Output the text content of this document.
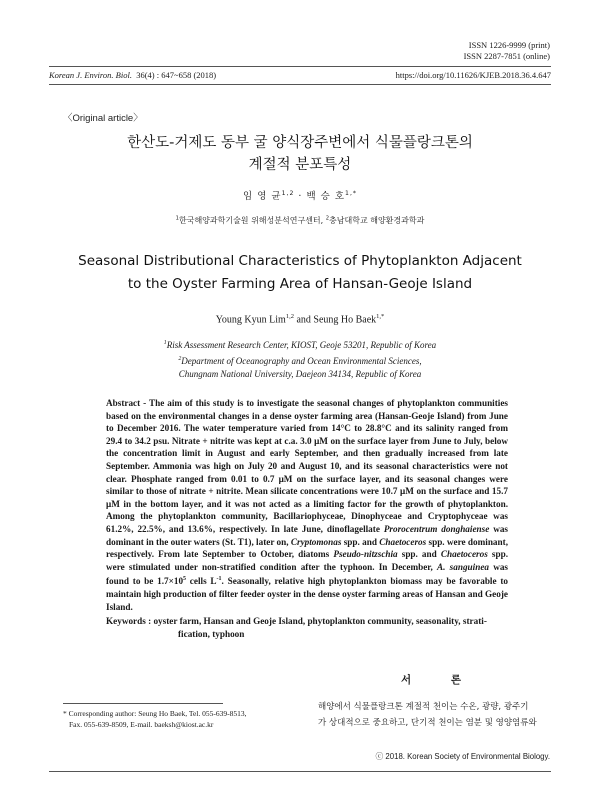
ISSN 1226-9999 (print)
ISSN 2287-7851 (online)
Korean J. Environ. Biol. 36(4) : 647~658 (2018)	https://doi.org/10.11626/KJEB.2018.36.4.647
〈Original article〉
한산도-거제도 동부 굴 양식장주변에서 식물플랑크톤의
계절적 분포특성
임 영 균$^{1,2}$ · 백 승 호$^{1,*}$
$^1$한국해양과학기술원 위해성분석연구센터, $^2$충남대학교 해양환경과학과
Seasonal Distributional Characteristics of Phytoplankton Adjacent
to the Oyster Farming Area of Hansan-Geoje Island
Young Kyun Lim$^{1,2}$ and Seung Ho Baek$^{1,*}$
$^1$Risk Assessment Research Center, KIOST, Geoje 53201, Republic of Korea
$^2$Department of Oceanography and Ocean Environmental Sciences,
Chungnam National University, Daejeon 34134, Republic of Korea
Abstract - The aim of this study is to investigate the seasonal changes of phytoplankton communities based on the environmental changes in a dense oyster farming area (Hansan-Geoje Island) from June to December 2016. The water temperature varied from 14°C to 28.8°C and its salinity ranged from 29.4 to 34.2 psu. Nitrate + nitrite was kept at c.a. 3.0 μM on the surface layer from June to July, below the concentration limit in August and early September, and then gradually increased from late September. Ammonia was high on July 20 and August 10, and its seasonal characteristics were not clear. Phosphate ranged from 0.01 to 0.7 μM on the surface layer, and its seasonal changes were similar to those of nitrate + nitrite. Mean silicate concentrations were 10.7 μM on the surface and 15.7 μM in the bottom layer, and it was not acted as a limiting factor for the growth of phytoplankton. Among the phytoplankton community, Bacillariophyceae, Dinophyceae and Cryptophyceae was 61.2%, 22.5%, and 13.6%, respectively. In late June, dinoflagellate Prorocentrum donghaiense was dominant in the outer waters (St. T1), later on, Cryptomonas spp. and Chaetoceros spp. were dominant, respectively. From late September to October, diatoms Pseudo-nitzschia spp. and Chaetoceros spp. were stimulated under non-stratified condition after the typhoon. In December, A. sanguinea was found to be $1.7\times 10^5$ cells $L^{-1}$. Seasonally, relative high phytoplankton biomass may be favorable to maintain high production of filter feeder oyster in the dense oyster farming areas of Hansan and Geoje Island.
Keywords : oyster farm, Hansan and Geoje Island, phytoplankton community, seasonality, strati-
fication, typhoon
서 론
해양에서 식물플랑크톤 계절적 천이는 수온, 광량, 광주기
가 상대적으로 중요하고, 단기적 천이는 염분 및 영양염류와
* Corresponding author: Seung Ho Baek, Tel. 055-639-8513,
Fax. 055-639-8509, E-mail. baeksh@kiost.ac.kr
ⓒ 2018. Korean Society of Environmental Biology.
